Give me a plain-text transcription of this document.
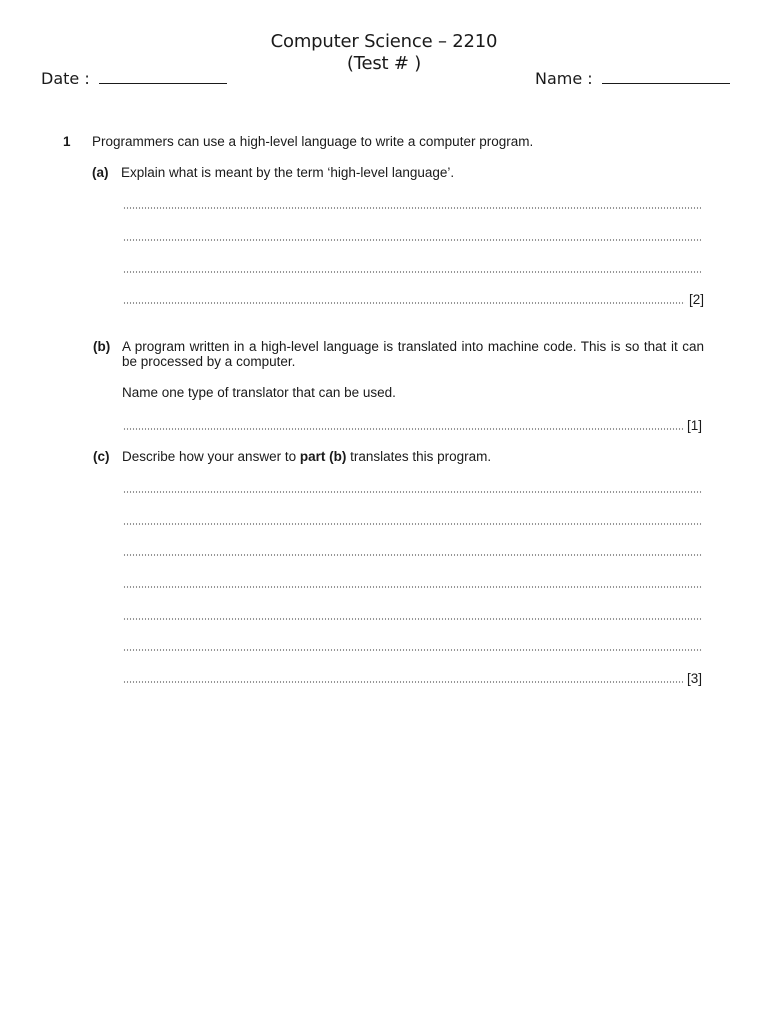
Computer Science – 2210
(Test # )
Date :	Name :
1 Programmers can use a high-level language to write a computer program.
(a) Explain what is meant by the term ‘high-level language’.
[2]
(b) A program written in a high-level language is translated into machine code. This is so that it can be processed by a computer.
Name one type of translator that can be used.
[1]
(c) Describe how your answer to part (b) translates this program.
[3]
